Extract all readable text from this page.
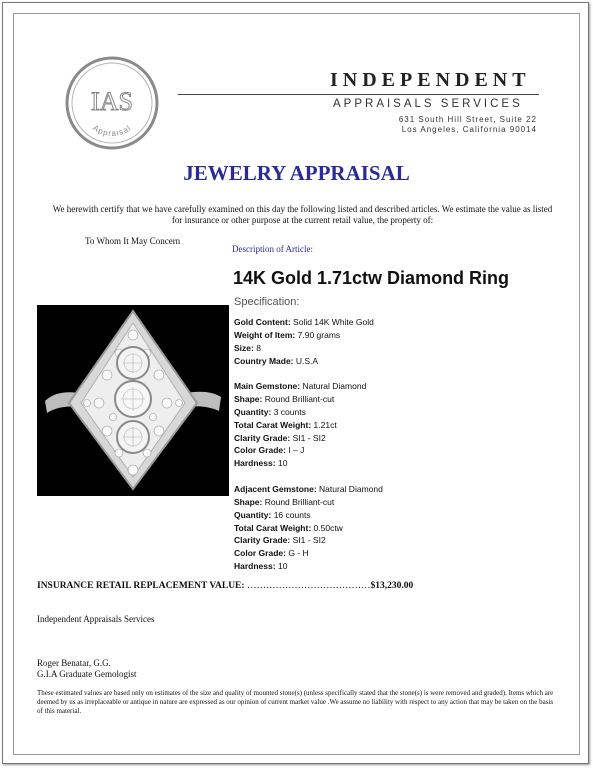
IAS
Appraisal
INDEPENDENT
APPRAISALS SERVICES
631 South Hill Street, Suite 22
Los Angeles, California 90014
JEWELRY APPRAISAL
We herewith certify that we have carefully examined on this day the following listed and described articles. We estimate the value as listed for insurance or other purpose at the current retail value, the property of:
To Whom It May Concern
Description of Article:
14K Gold 1.71ctw Diamond Ring
Specification:
Gold Content: Solid 14K White Gold
Weight of Item: 7.90 grams
Size: 8
Country Made: U.S.A
Main Gemstone: Natural Diamond
Shape: Round Brilliant-cut
Quantity: 3 counts
Total Carat Weight: 1.21ct
Clarity Grade: SI1 - SI2
Color Grade: I – J
Hardness: 10
Adjacent Gemstone: Natural Diamond
Shape: Round Brilliant-cut
Quantity: 16 counts
Total Carat Weight: 0.50ctw
Clarity Grade: SI1 - SI2
Color Grade: G - H
Hardness: 10
INSURANCE RETAIL REPLACEMENT VALUE: …………………………………$13,230.00
Independent Appraisals Services
Roger Benatar, G.G.
G.I.A Graduate Gemologist
These estimated values are based only on estimates of the size and quality of mounted stone(s) (unless specifically stated that the stone(s) is were removed and graded). Items which are deemed by us as irreplaceable or antique in nature are expressed as our opinion of current market value .We assume no liability with respect to any action that may be taken on the basis of this material.
